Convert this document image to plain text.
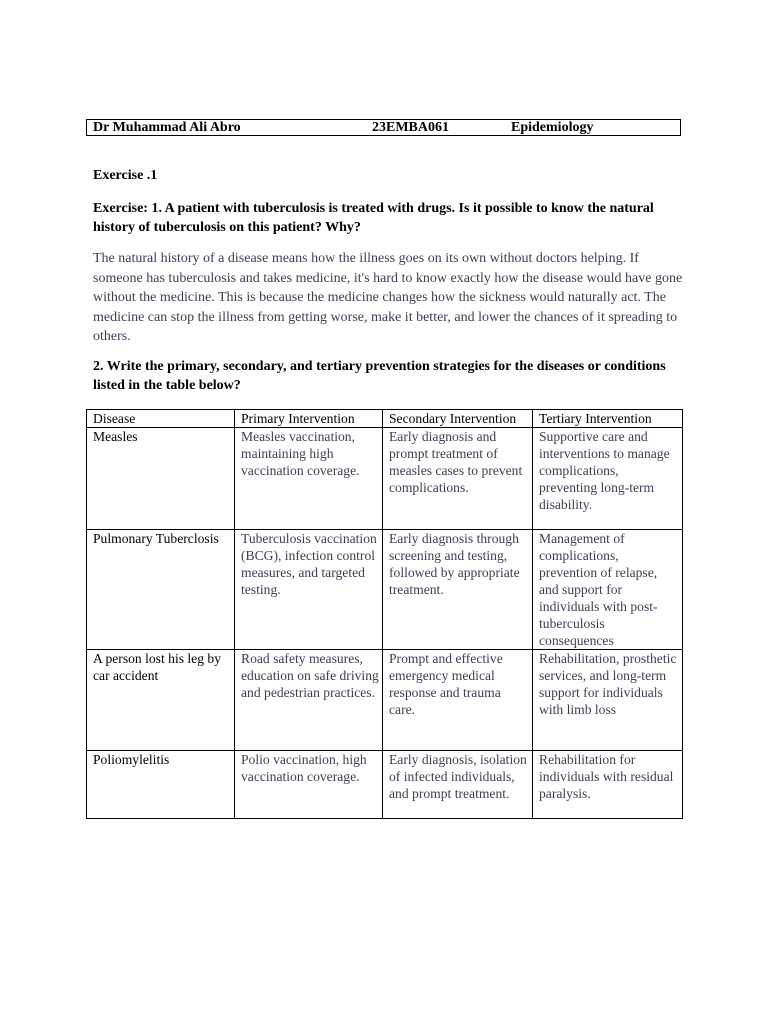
Dr Muhammad Ali Abro	23EMBA061	Epidemiology
Exercise .1
Exercise: 1. A patient with tuberculosis is treated with drugs. Is it possible to know the natural history of tuberculosis on this patient? Why?
The natural history of a disease means how the illness goes on its own without doctors helping. If someone has tuberculosis and takes medicine, it's hard to know exactly how the disease would have gone without the medicine. This is because the medicine changes how the sickness would naturally act. The medicine can stop the illness from getting worse, make it better, and lower the chances of it spreading to others.
2. Write the primary, secondary, and tertiary prevention strategies for the diseases or conditions listed in the table below?
Disease	Primary Intervention	Secondary Intervention	Tertiary Intervention
Measles	Measles vaccination, maintaining high vaccination coverage.	Early diagnosis and prompt treatment of measles cases to prevent complications.	Supportive care and interventions to manage complications, preventing long-term disability.
Pulmonary Tuberclosis	Tuberculosis vaccination (BCG), infection control measures, and targeted testing.	Early diagnosis through screening and testing, followed by appropriate treatment.	Management of complications, prevention of relapse, and support for individuals with post-tuberculosis consequences
A person lost his leg by car accident	Road safety measures, education on safe driving and pedestrian practices.	Prompt and effective emergency medical response and trauma care.	Rehabilitation, prosthetic services, and long-term support for individuals with limb loss
Poliomylelitis	Polio vaccination, high vaccination coverage.	Early diagnosis, isolation of infected individuals, and prompt treatment.	Rehabilitation for individuals with residual paralysis.
